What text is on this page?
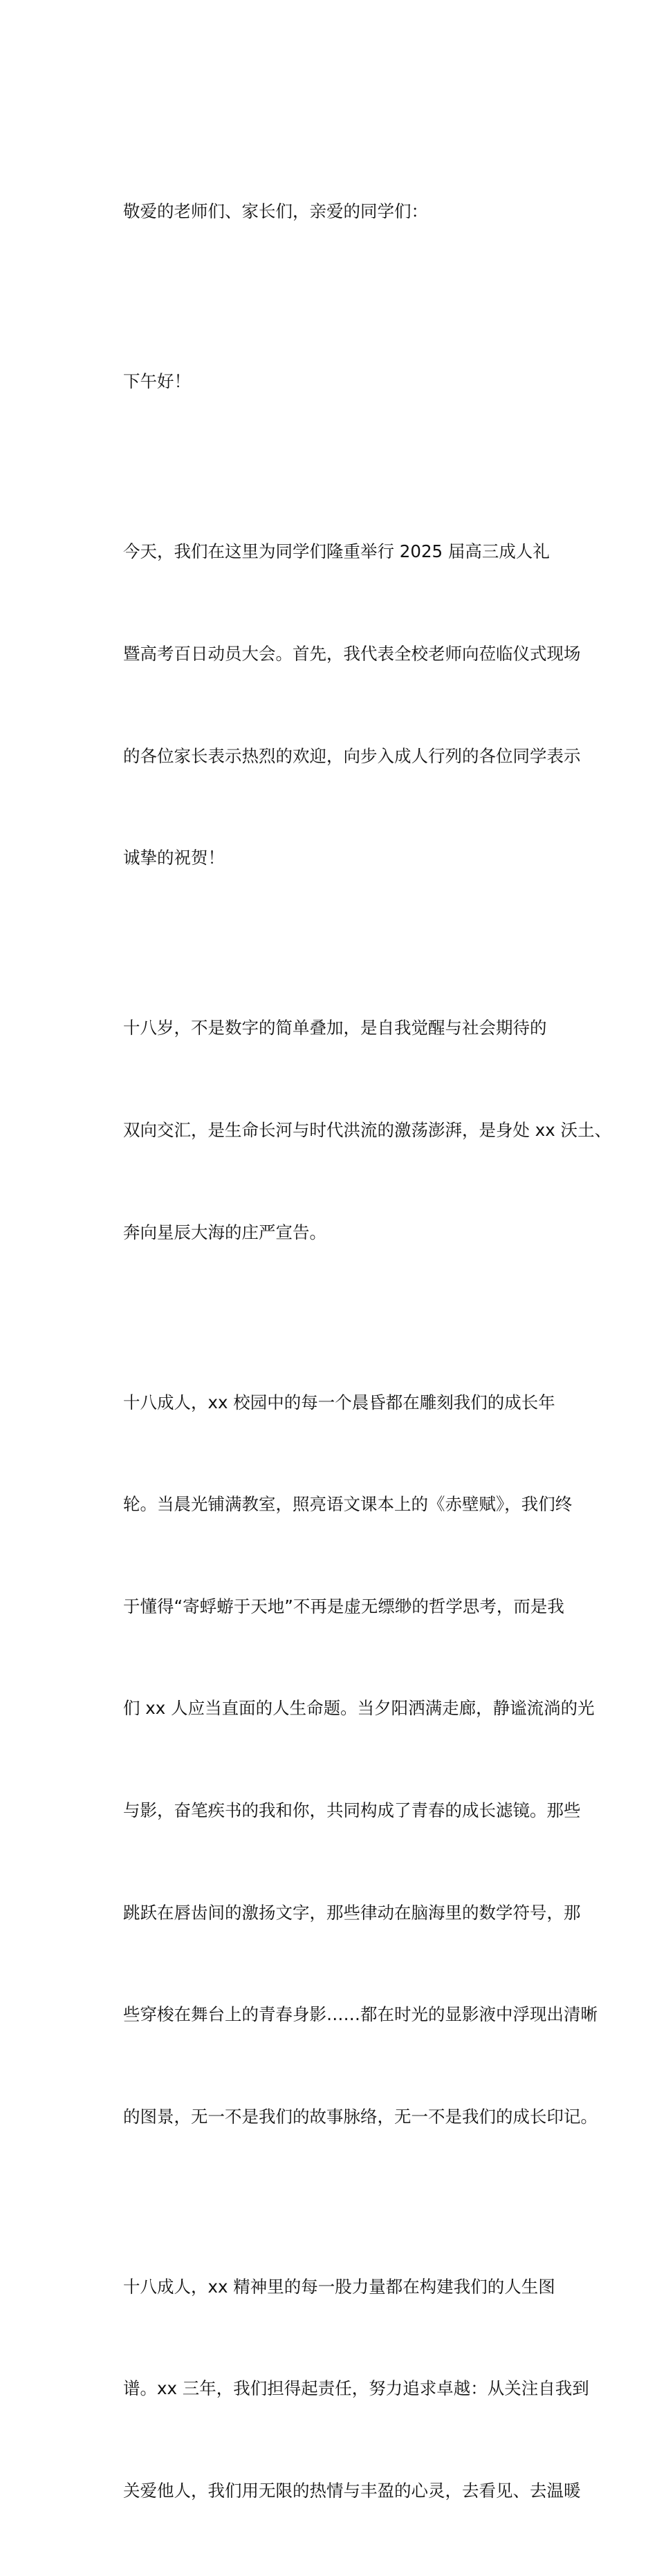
敬爱的老师们、家长们，亲爱的同学们：

下午好！

今天，我们在这里为同学们隆重举行 2025 届高三成人礼

暨高考百日动员大会。首先，我代表全校老师向莅临仪式现场

的各位家长表示热烈的欢迎，向步入成人行列的各位同学表示

诚挚的祝贺！

十八岁，不是数字的简单叠加，是自我觉醒与社会期待的

双向交汇，是生命长河与时代洪流的激荡澎湃，是身处 xx 沃土、

奔向星辰大海的庄严宣告。

十八成人，xx 校园中的每一个晨昏都在雕刻我们的成长年

轮。当晨光铺满教室，照亮语文课本上的《赤壁赋》，我们终

于懂得“寄蜉蝣于天地”不再是虚无缥缈的哲学思考，而是我

们 xx 人应当直面的人生命题。当夕阳洒满走廊，静谧流淌的光

与影，奋笔疾书的我和你，共同构成了青春的成长滤镜。那些

跳跃在唇齿间的激扬文字，那些律动在脑海里的数学符号，那

些穿梭在舞台上的青春身影……都在时光的显影液中浮现出清晰

的图景，无一不是我们的故事脉络，无一不是我们的成长印记。

十八成人，xx 精神里的每一股力量都在构建我们的人生图

谱。xx 三年，我们担得起责任，努力追求卓越：从关注自我到

关爱他人，我们用无限的热情与丰盈的心灵，去看见、去温暖
